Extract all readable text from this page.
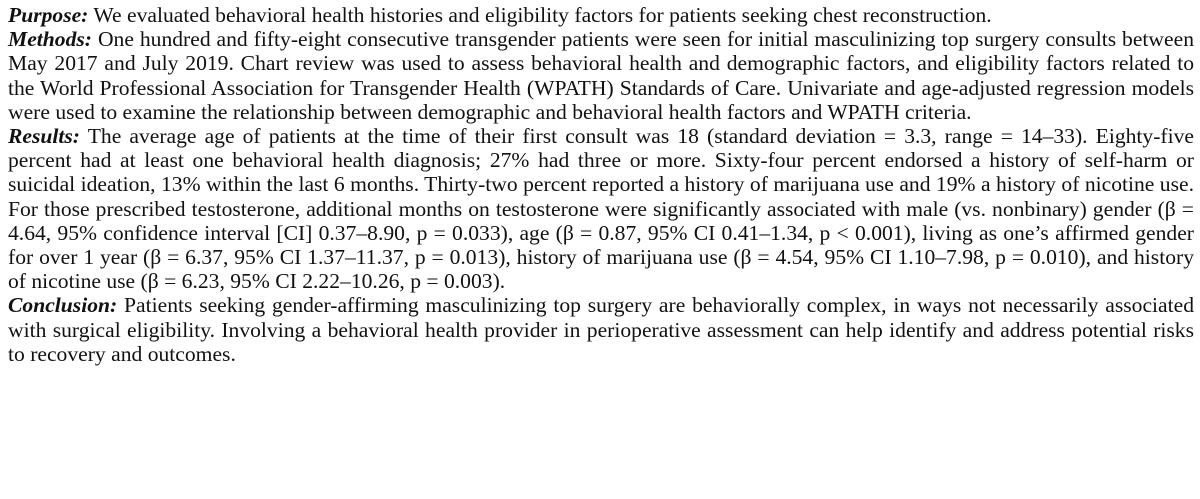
Purpose: We evaluated behavioral health histories and eligibility factors for patients seeking chest reconstruction.

Methods: One hundred and fifty-eight consecutive transgender patients were seen for initial masculinizing top surgery consults between May 2017 and July 2019. Chart review was used to assess behavioral health and demographic factors, and eligibility factors related to the World Professional Association for Transgender Health (WPATH) Standards of Care. Univariate and age-adjusted regression models were used to examine the relationship between demographic and behavioral health factors and WPATH criteria.

Results: The average age of patients at the time of their first consult was 18 (standard deviation = 3.3, range = 14–33). Eighty-five percent had at least one behavioral health diagnosis; 27% had three or more. Sixty-four percent endorsed a history of self-harm or suicidal ideation, 13% within the last 6 months. Thirty-two percent reported a history of marijuana use and 19% a history of nicotine use. For those prescribed testosterone, additional months on testosterone were significantly associated with male (vs. nonbinary) gender (β = 4.64, 95% confidence interval [CI] 0.37–8.90, p = 0.033), age (β = 0.87, 95% CI 0.41–1.34, p < 0.001), living as one’s affirmed gender for over 1 year (β = 6.37, 95% CI 1.37–11.37, p = 0.013), history of marijuana use (β = 4.54, 95% CI 1.10–7.98, p = 0.010), and history of nicotine use (β = 6.23, 95% CI 2.22–10.26, p = 0.003).

Conclusion: Patients seeking gender-affirming masculinizing top surgery are behaviorally complex, in ways not necessarily associated with surgical eligibility. Involving a behavioral health provider in perioperative assessment can help identify and address potential risks to recovery and outcomes.
